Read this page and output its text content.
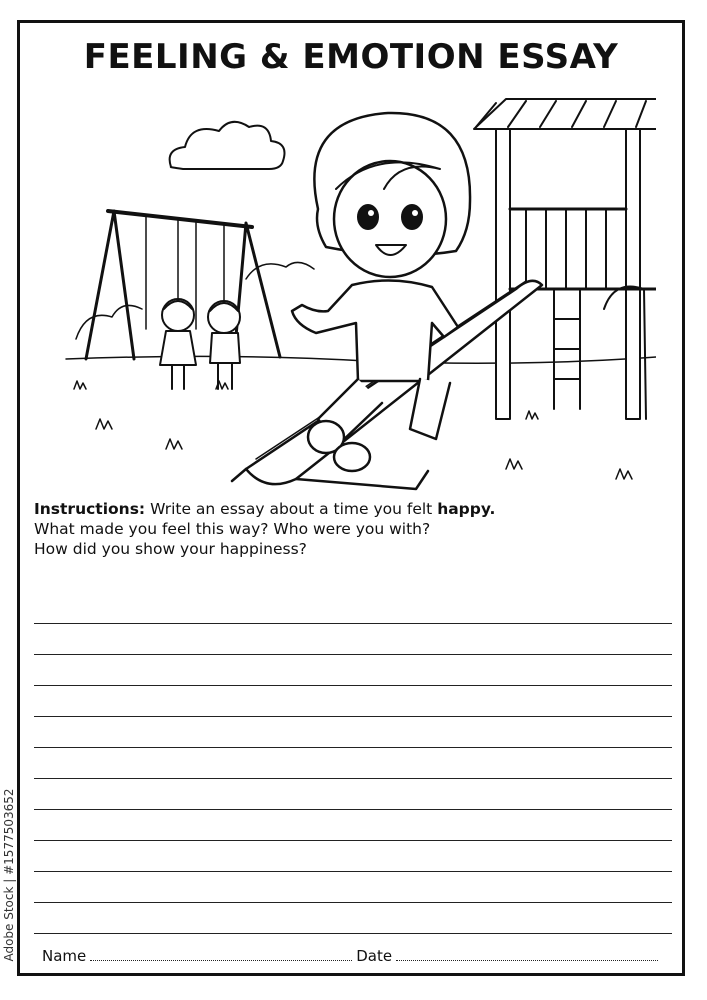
FEELING & EMOTION ESSAY

Instructions: Write an essay about a time you felt happy.

What made you feel this way? Who were you with?

How did you show your happiness?

Name	Date
Adobe Stock | #1577503652
